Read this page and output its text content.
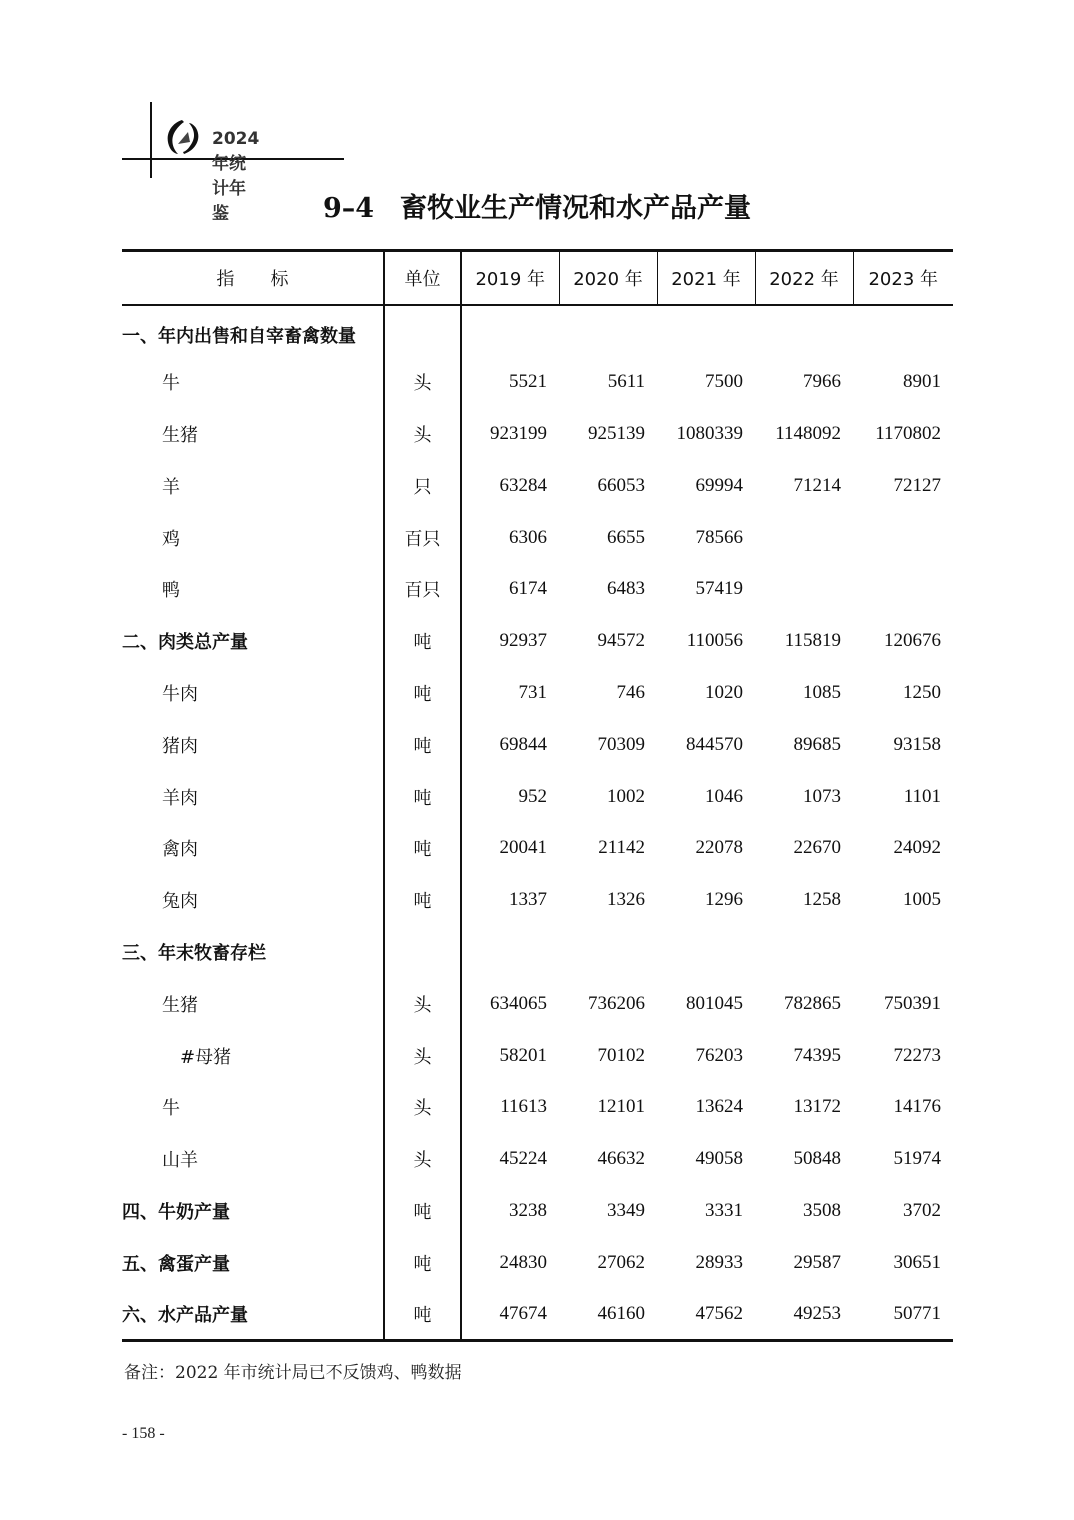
2024年统计年鉴	9–4 畜牧业生产情况和水产品产量
指　　标	单位	2019 年	2020 年	2021 年	2022 年	2023 年
一、年内出售和自宰畜禽数量						
牛	头	5521	5611	7500	7966	8901
生猪	头	923199	925139	1080339	1148092	1170802
羊	只	63284	66053	69994	71214	72127
鸡	百只	6306	6655	78566		
鸭	百只	6174	6483	57419		
二、肉类总产量	吨	92937	94572	110056	115819	120676
牛肉	吨	731	746	1020	1085	1250
猪肉	吨	69844	70309	844570	89685	93158
羊肉	吨	952	1002	1046	1073	1101
禽肉	吨	20041	21142	22078	22670	24092
兔肉	吨	1337	1326	1296	1258	1005
三、年末牧畜存栏						
生猪	头	634065	736206	801045	782865	750391
#母猪	头	58201	70102	76203	74395	72273
牛	头	11613	12101	13624	13172	14176
山羊	头	45224	46632	49058	50848	51974
四、牛奶产量	吨	3238	3349	3331	3508	3702
五、禽蛋产量	吨	24830	27062	28933	29587	30651
六、水产品产量	吨	47674	46160	47562	49253	50771
备注：2022 年市统计局已不反馈鸡、鸭数据
- 158 -
